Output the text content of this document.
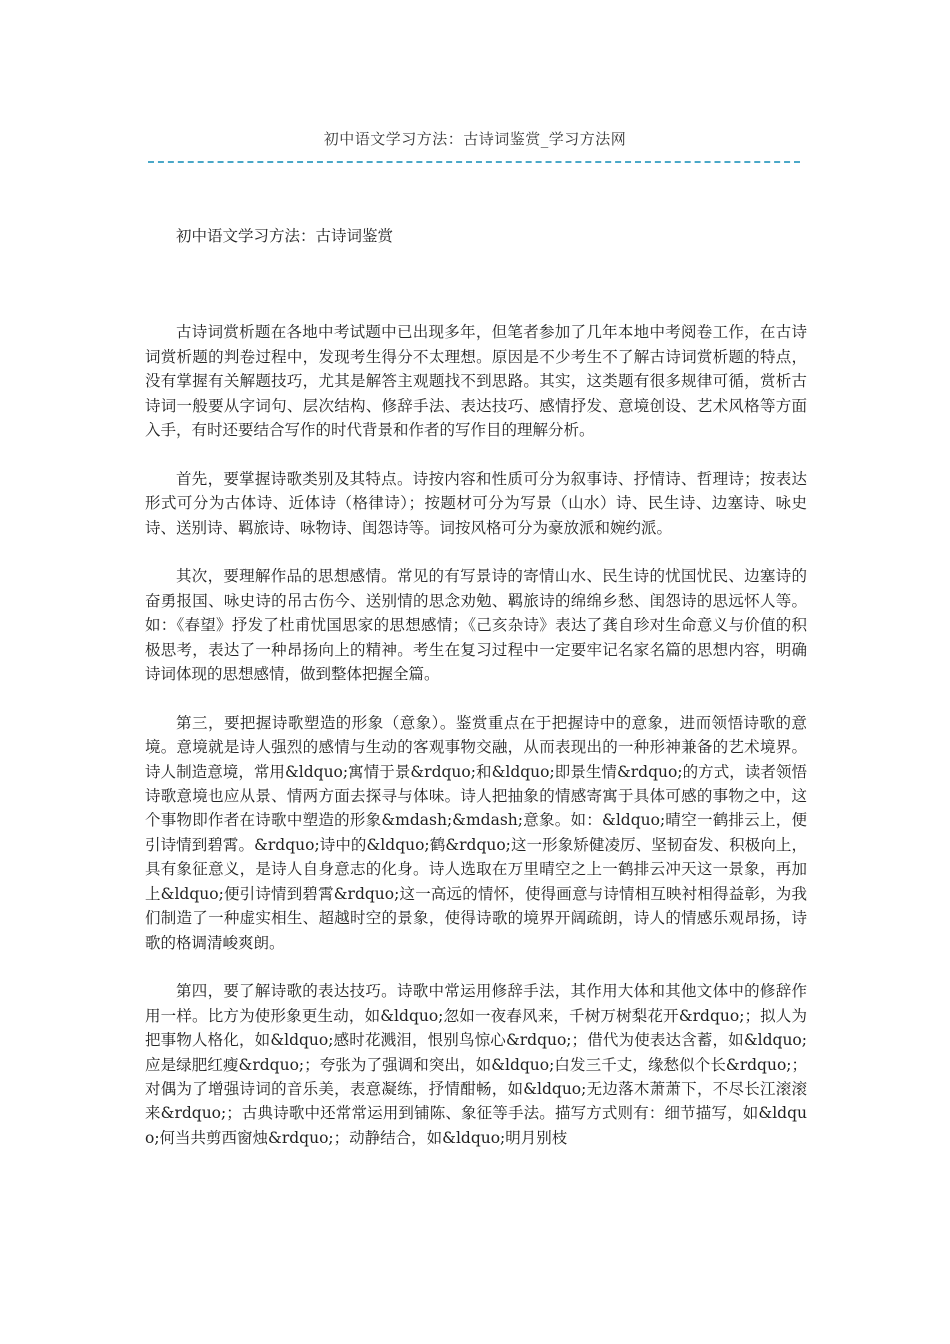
初中语文学习方法：古诗词鉴赏_学习方法网

初中语文学习方法：古诗词鉴赏

古诗词赏析题在各地中考试题中已出现多年，但笔者参加了几年本地中考阅卷工作，在古诗词赏析题的判卷过程中，发现考生得分不太理想。原因是不少考生不了解古诗词赏析题的特点，没有掌握有关解题技巧，尤其是解答主观题找不到思路。其实，这类题有很多规律可循，赏析古诗词一般要从字词句、层次结构、修辞手法、表达技巧、感情抒发、意境创设、艺术风格等方面入手，有时还要结合写作的时代背景和作者的写作目的理解分析。

首先，要掌握诗歌类别及其特点。诗按内容和性质可分为叙事诗、抒情诗、哲理诗；按表达形式可分为古体诗、近体诗（格律诗）；按题材可分为写景（山水）诗、民生诗、边塞诗、咏史诗、送别诗、羁旅诗、咏物诗、闺怨诗等。词按风格可分为豪放派和婉约派。

其次，要理解作品的思想感情。常见的有写景诗的寄情山水、民生诗的忧国忧民、边塞诗的奋勇报国、咏史诗的吊古伤今、送别情的思念劝勉、羁旅诗的绵绵乡愁、闺怨诗的思远怀人等。如：《春望》抒发了杜甫忧国思家的思想感情；《己亥杂诗》表达了龚自珍对生命意义与价值的积极思考，表达了一种昂扬向上的精神。考生在复习过程中一定要牢记名家名篇的思想内容，明确诗词体现的思想感情，做到整体把握全篇。

第三，要把握诗歌塑造的形象（意象）。鉴赏重点在于把握诗中的意象，进而领悟诗歌的意境。意境就是诗人强烈的感情与生动的客观事物交融，从而表现出的一种形神兼备的艺术境界。诗人制造意境，常用&ldquo;寓情于景&rdquo;和&ldquo;即景生情&rdquo;的方式，读者领悟诗歌意境也应从景、情两方面去探寻与体味。诗人把抽象的情感寄寓于具体可感的事物之中，这个事物即作者在诗歌中塑造的形象&mdash;&mdash;意象。如：&ldquo;晴空一鹤排云上，便引诗情到碧霄。&rdquo;诗中的&ldquo;鹤&rdquo;这一形象矫健凌厉、坚韧奋发、积极向上，具有象征意义，是诗人自身意志的化身。诗人选取在万里晴空之上一鹤排云冲天这一景象，再加上&ldquo;便引诗情到碧霄&rdquo;这一高远的情怀，使得画意与诗情相互映衬相得益彰，为我们制造了一种虚实相生、超越时空的景象，使得诗歌的境界开阔疏朗，诗人的情感乐观昂扬，诗歌的格调清峻爽朗。

第四，要了解诗歌的表达技巧。诗歌中常运用修辞手法，其作用大体和其他文体中的修辞作用一样。比方为使形象更生动，如&ldquo;忽如一夜春风来，千树万树梨花开&rdquo;；拟人为把事物人格化，如&ldquo;感时花溅泪，恨别鸟惊心&rdquo;；借代为使表达含蓄，如&ldquo;应是绿肥红瘦&rdquo;；夸张为了强调和突出，如&ldquo;白发三千丈，缘愁似个长&rdquo;；对偶为了增强诗词的音乐美，表意凝练，抒情酣畅，如&ldquo;无边落木萧萧下，不尽长江滚滚来&rdquo;；古典诗歌中还常常运用到铺陈、象征等手法。描写方式则有：细节描写，如&ldquo;何当共剪西窗烛&rdquo;；动静结合，如&ldquo;明月别枝
